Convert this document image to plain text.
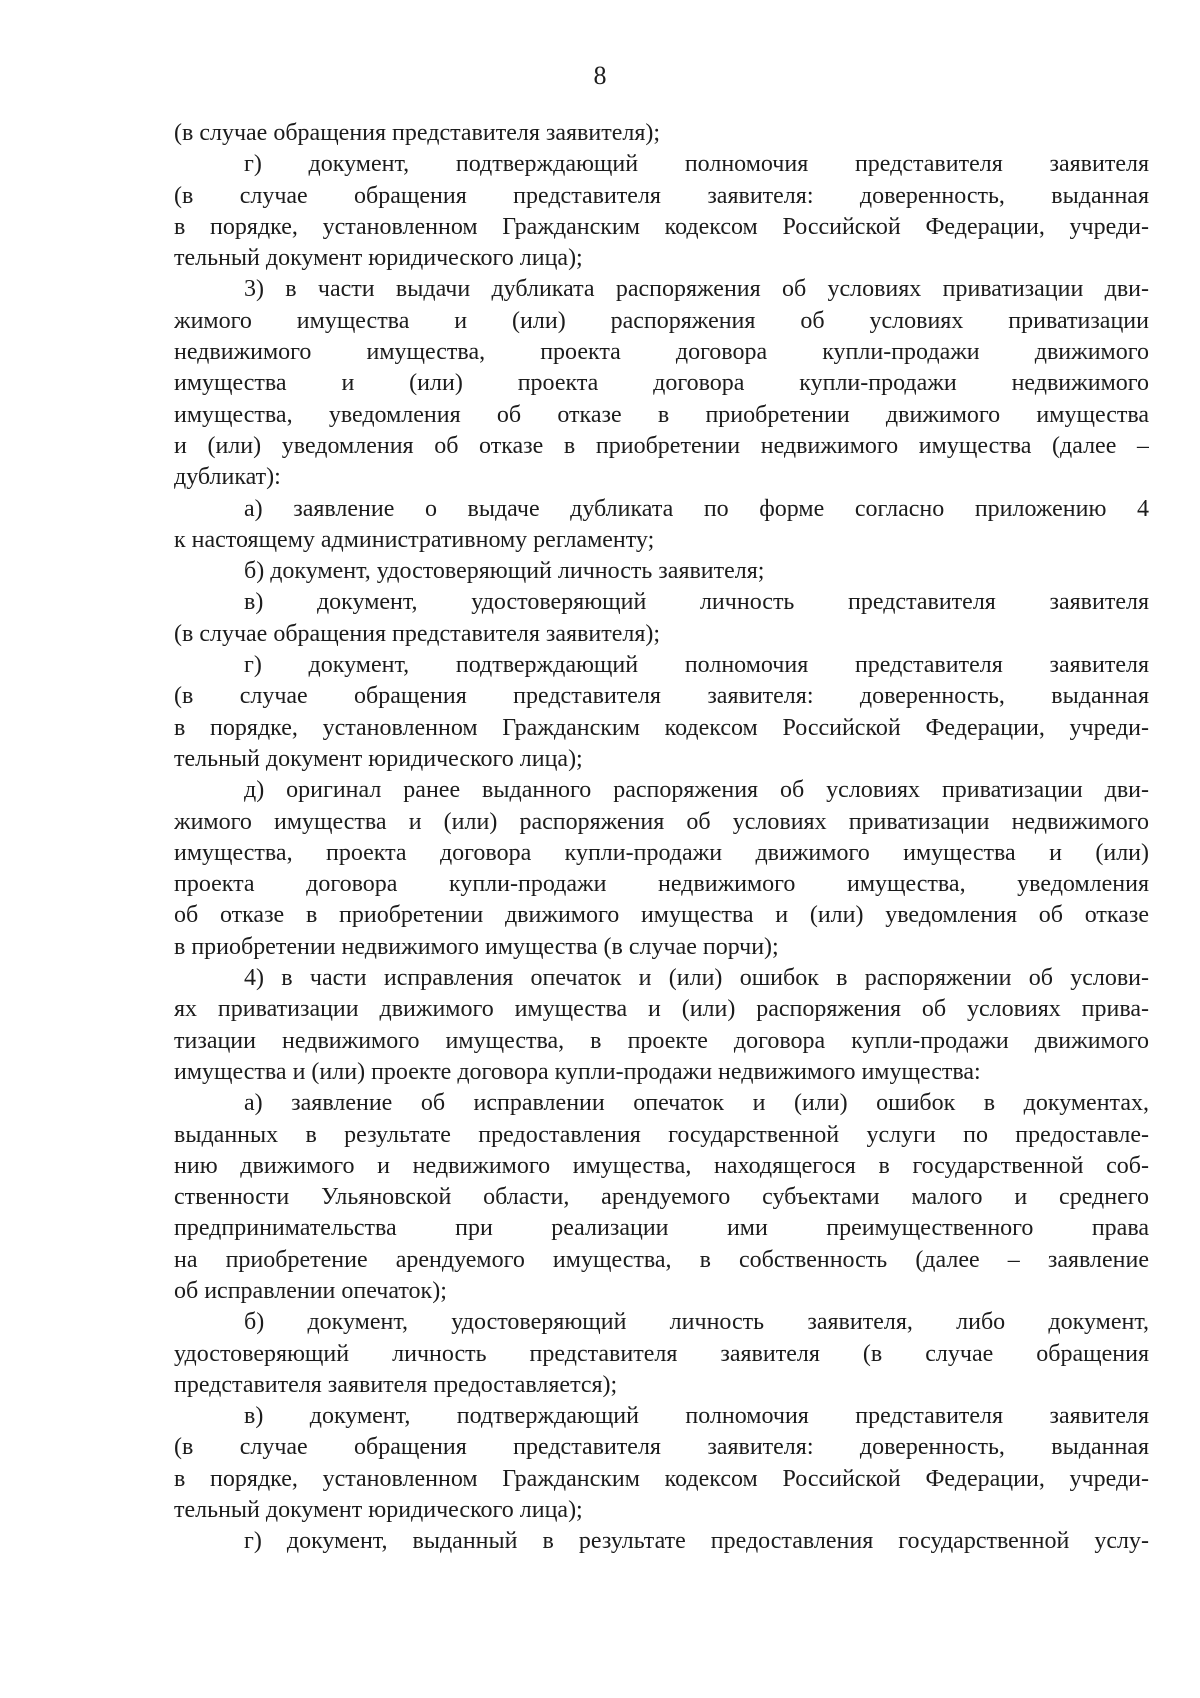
8
(в случае обращения представителя заявителя);
г) документ, подтверждающий полномочия представителя заявителя
(в случае обращения представителя заявителя: доверенность, выданная
в порядке, установленном Гражданским кодексом Российской Федерации, учреди-
тельный документ юридического лица);
3) в части выдачи дубликата распоряжения об условиях приватизации дви-
жимого имущества и (или) распоряжения об условиях приватизации
недвижимого имущества, проекта договора купли-продажи движимого
имущества и (или) проекта договора купли-продажи недвижимого
имущества, уведомления об отказе в приобретении движимого имущества
и (или) уведомления об отказе в приобретении недвижимого имущества (далее –
дубликат):
а) заявление о выдаче дубликата по форме согласно приложению 4
к настоящему административному регламенту;
б) документ, удостоверяющий личность заявителя;
в) документ, удостоверяющий личность представителя заявителя
(в случае обращения представителя заявителя);
г) документ, подтверждающий полномочия представителя заявителя
(в случае обращения представителя заявителя: доверенность, выданная
в порядке, установленном Гражданским кодексом Российской Федерации, учреди-
тельный документ юридического лица);
д) оригинал ранее выданного распоряжения об условиях приватизации дви-
жимого имущества и (или) распоряжения об условиях приватизации недвижимого
имущества, проекта договора купли-продажи движимого имущества и (или)
проекта договора купли-продажи недвижимого имущества, уведомления
об отказе в приобретении движимого имущества и (или) уведомления об отказе
в приобретении недвижимого имущества (в случае порчи);
4) в части исправления опечаток и (или) ошибок в распоряжении об услови-
ях приватизации движимого имущества и (или) распоряжения об условиях прива-
тизации недвижимого имущества, в проекте договора купли-продажи движимого
имущества и (или) проекте договора купли-продажи недвижимого имущества:
а) заявление об исправлении опечаток и (или) ошибок в документах,
выданных в результате предоставления государственной услуги по предоставле-
нию движимого и недвижимого имущества, находящегося в государственной соб-
ственности Ульяновской области, арендуемого субъектами малого и среднего
предпринимательства при реализации ими преимущественного права
на приобретение арендуемого имущества, в собственность (далее – заявление
об исправлении опечаток);
б) документ, удостоверяющий личность заявителя, либо документ,
удостоверяющий личность представителя заявителя (в случае обращения
представителя заявителя предоставляется);
в) документ, подтверждающий полномочия представителя заявителя
(в случае обращения представителя заявителя: доверенность, выданная
в порядке, установленном Гражданским кодексом Российской Федерации, учреди-
тельный документ юридического лица);
г) документ, выданный в результате предоставления государственной услу-
